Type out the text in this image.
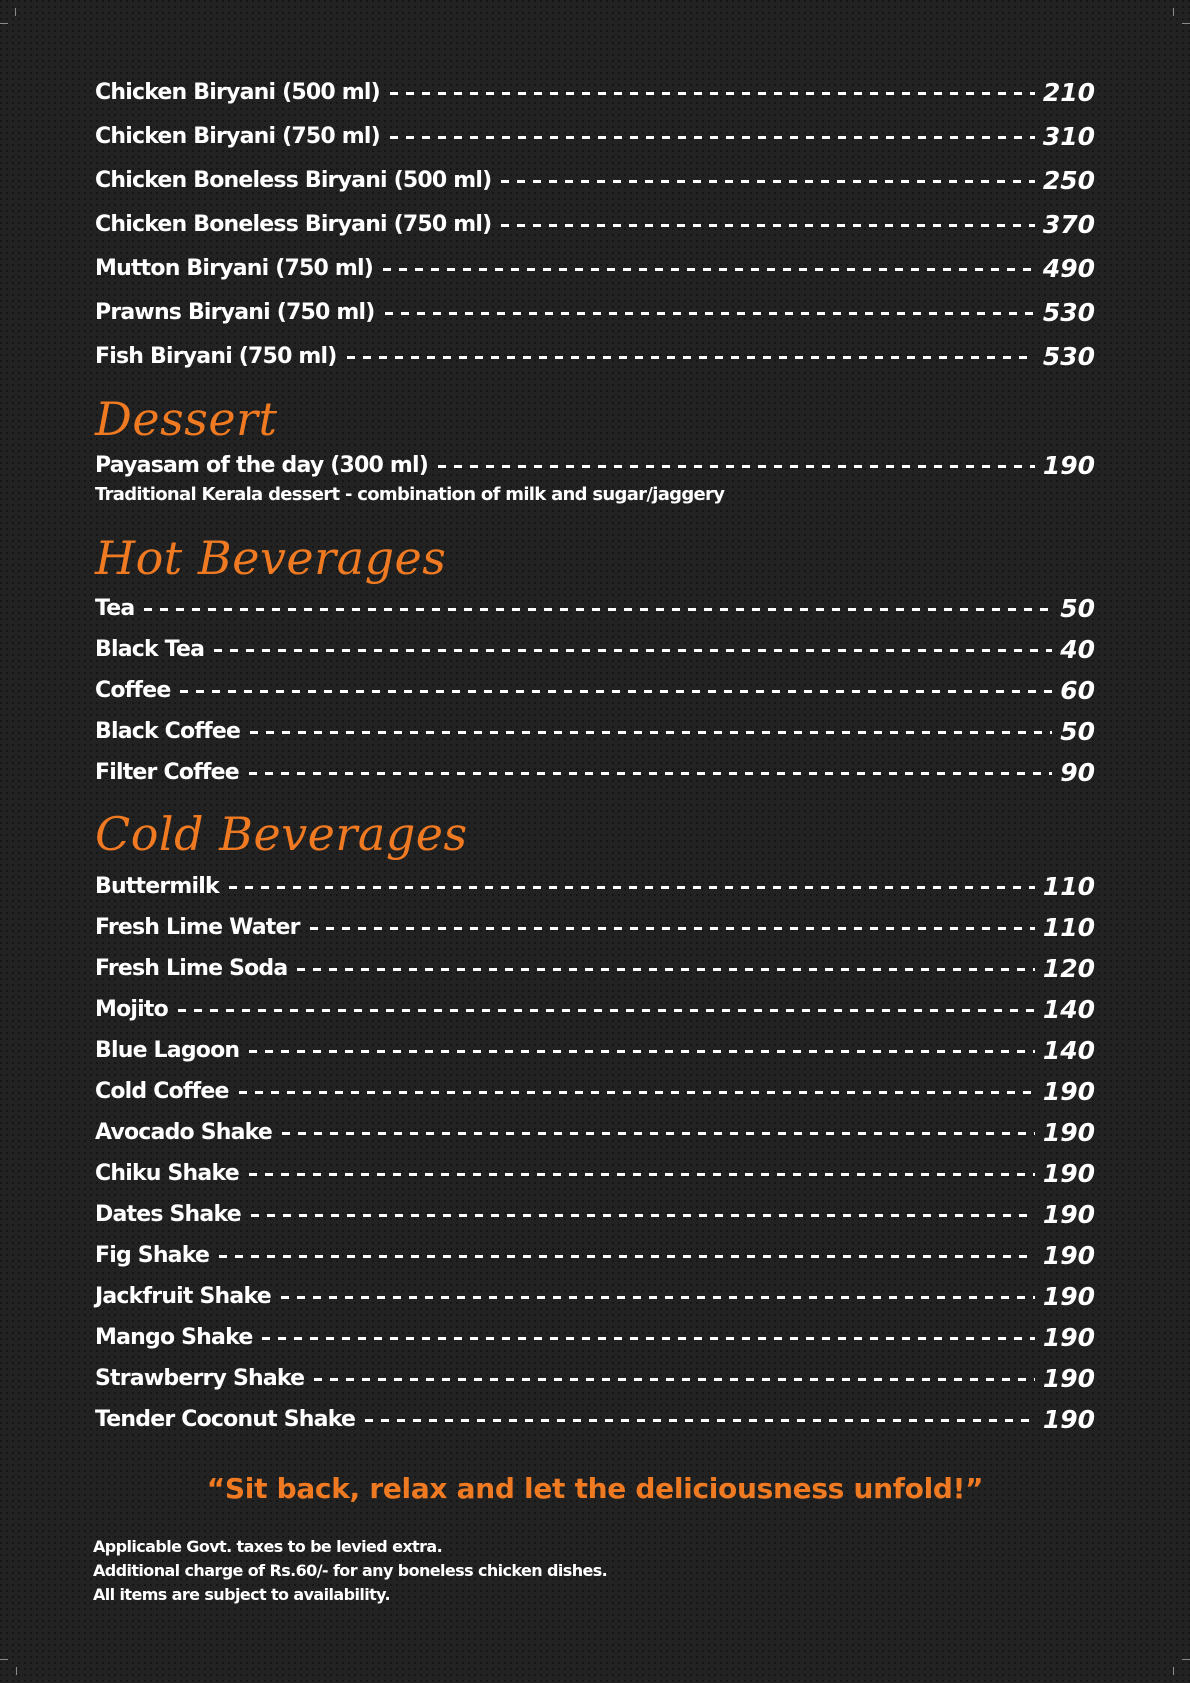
Chicken Biryani (500 ml)	210
Chicken Biryani (750 ml)	310
Chicken Boneless Biryani (500 ml)	250
Chicken Boneless Biryani (750 ml)	370
Mutton Biryani (750 ml)	490
Prawns Biryani (750 ml)	530
Fish Biryani (750 ml)	530
Dessert
Payasam of the day (300 ml)	190
Traditional Kerala dessert - combination of milk and sugar/jaggery
Hot Beverages
Tea	50
Black Tea	40
Coffee	60
Black Coffee	50
Filter Coffee	90
Cold Beverages
Buttermilk	110
Fresh Lime Water	110
Fresh Lime Soda	120
Mojito	140
Blue Lagoon	140
Cold Coffee	190
Avocado Shake	190
Chiku Shake	190
Dates Shake	190
Fig Shake	190
Jackfruit Shake	190
Mango Shake	190
Strawberry Shake	190
Tender Coconut Shake	190
“Sit back, relax and let the deliciousness unfold!”
Applicable Govt. taxes to be levied extra.
Additional charge of Rs.60/- for any boneless chicken dishes.
All items are subject to availability.
